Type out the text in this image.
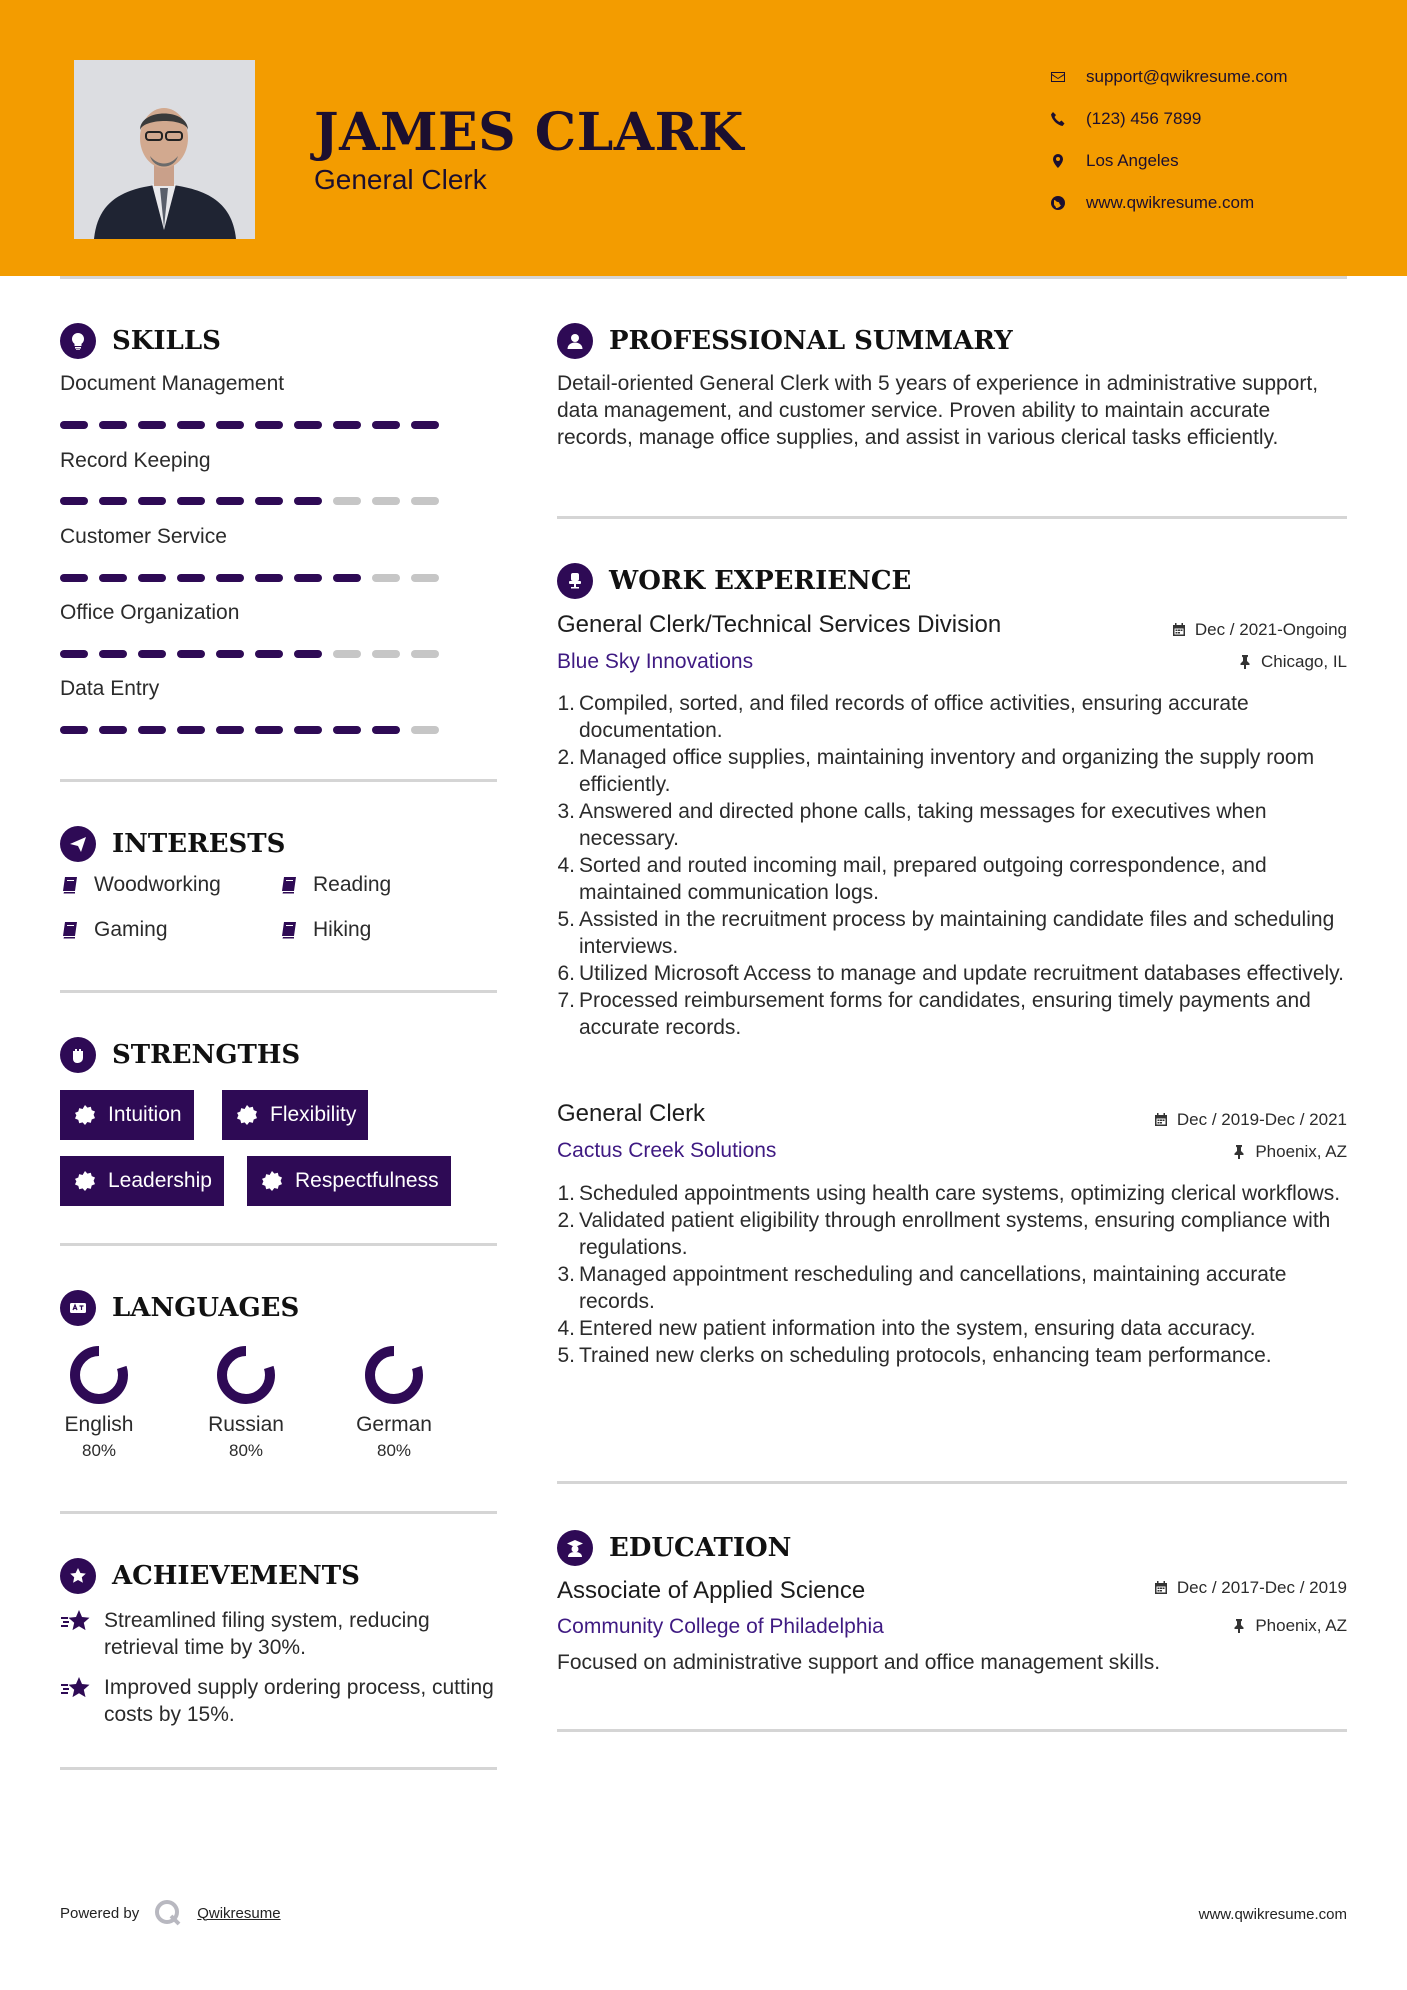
JAMES CLARK
General Clerk
support@qwikresume.com
(123) 456 7899
Los Angeles
www.qwikresume.com
SKILLS
Document Management
Record Keeping
Customer Service
Office Organization
Data Entry
INTERESTS
Woodworking	Reading
Gaming	Hiking
STRENGTHS
Intuition	Flexibility
Leadership	Respectfulness
LANGUAGES
English
80%
Russian
80%
German
80%
ACHIEVEMENTS
Streamlined filing system, reducing retrieval time by 30%.
Improved supply ordering process, cutting costs by 15%.
PROFESSIONAL SUMMARY
Detail-oriented General Clerk with 5 years of experience in administrative support, data management, and customer service. Proven ability to maintain accurate records, manage office supplies, and assist in various clerical tasks efficiently.
WORK EXPERIENCE
General Clerk/Technical Services Division	Dec / 2021-Ongoing
Blue Sky Innovations	Chicago, IL
1 . Compiled, sorted, and filed records of office activities, ensuring accurate documentation.
2 . Managed office supplies, maintaining inventory and organizing the supply room efficiently.
3 . Answered and directed phone calls, taking messages for executives when necessary.
4 . Sorted and routed incoming mail, prepared outgoing correspondence, and maintained communication logs.
5 . Assisted in the recruitment process by maintaining candidate files and scheduling interviews.
6 . Utilized Microsoft Access to manage and update recruitment databases effectively.
7 . Processed reimbursement forms for candidates, ensuring timely payments and accurate records.
General Clerk	Dec / 2019-Dec / 2021
Cactus Creek Solutions	Phoenix, AZ
1 . Scheduled appointments using health care systems, optimizing clerical workflows.
2 . Validated patient eligibility through enrollment systems, ensuring compliance with regulations.
3 . Managed appointment rescheduling and cancellations, maintaining accurate records.
4 . Entered new patient information into the system, ensuring data accuracy.
5 . Trained new clerks on scheduling protocols, enhancing team performance.
EDUCATION
Associate of Applied Science	Dec / 2017-Dec / 2019
Community College of Philadelphia	Phoenix, AZ
Focused on administrative support and office management skills.
Powered by	Qwikresume	www.qwikresume.com
